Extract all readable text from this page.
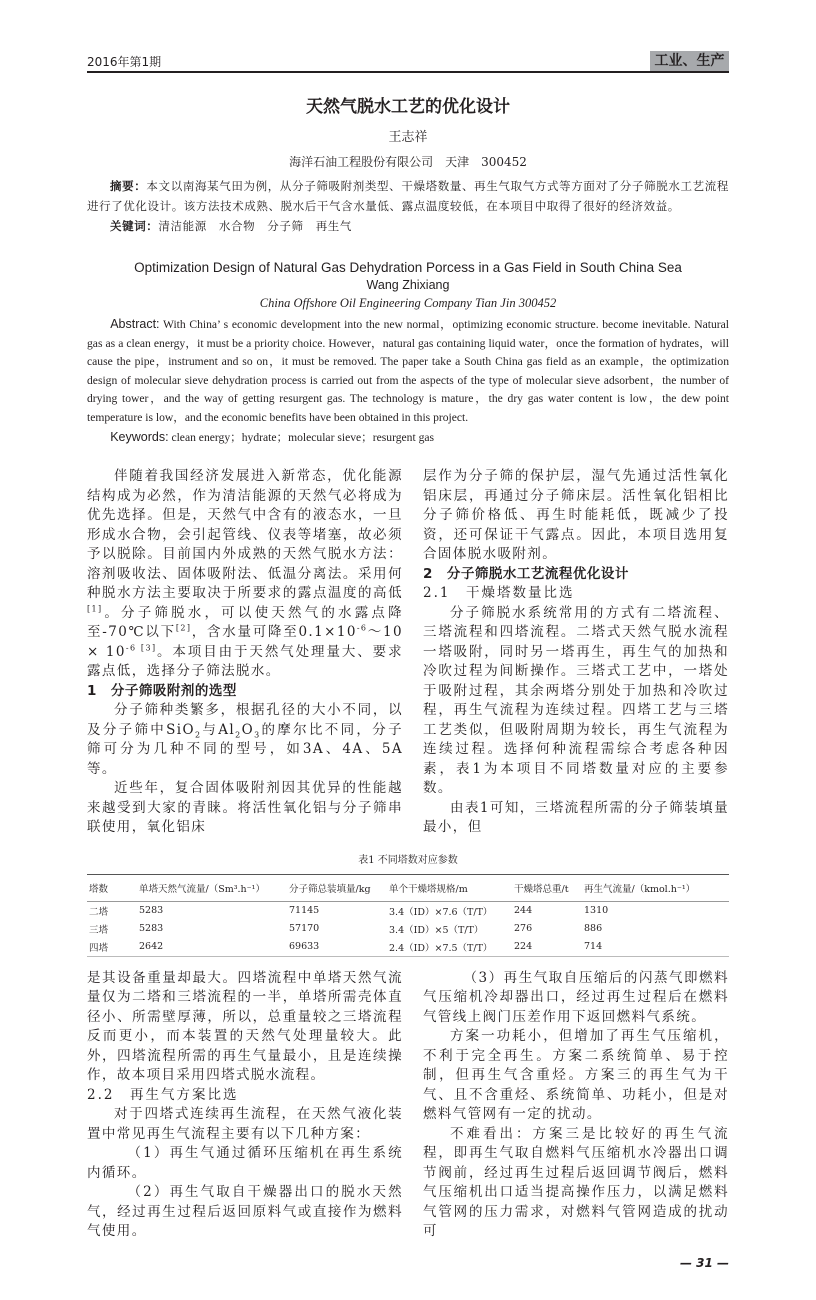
2016年第1期	工业、生产
天然气脱水工艺的优化设计
王志祥
海洋石油工程股份有限公司　天津　300452
摘要：本文以南海某气田为例，从分子筛吸附剂类型、干燥塔数量、再生气取气方式等方面对了分子筛脱水工艺流程进行了优化设计。该方法技术成熟、脱水后干气含水量低、露点温度较低，在本项目中取得了很好的经济效益。
关键词：清洁能源　水合物　分子筛　再生气
Optimization Design of Natural Gas Dehydration Porcess in a Gas Field in South China Sea
Wang Zhixiang
China Offshore Oil Engineering Company Tian Jin 300452
Abstract: With China’ s economic development into the new normal，optimizing economic structure. become inevitable. Natural gas as a clean energy，it must be a priority choice. However，natural gas containing liquid water，once the formation of hydrates，will cause the pipe，instrument and so on，it must be removed. The paper take a South China gas field as an example，the optimization design of molecular sieve dehydration process is carried out from the aspects of the type of molecular sieve adsorbent，the number of drying tower，and the way of getting resurgent gas. The technology is mature，the dry gas water content is low，the dew point temperature is low，and the economic benefits have been obtained in this project.
Keywords: clean energy；hydrate；molecular sieve；resurgent gas

伴随着我国经济发展进入新常态，优化能源结构成为必然，作为清洁能源的天然气必将成为优先选择。但是，天然气中含有的液态水，一旦形成水合物，会引起管线、仪表等堵塞，故必须予以脱除。目前国内外成熟的天然气脱水方法：溶剂吸收法、固体吸附法、低温分离法。采用何种脱水方法主要取决于所要求的露点温度的高低[1]。分子筛脱水，可以使天然气的水露点降至-70℃以下[2]，含水量可降至$0.1\times 10^{-6}\sim 10 \times 10^{-6 [3]}$。本项目由于天然气处理量大、要求露点低，选择分子筛法脱水。

1　分子筛吸附剂的选型

分子筛种类繁多，根据孔径的大小不同，以及分子筛中SiO$_2$与$Al_2O_3$的摩尔比不同，分子筛可分为几种不同的型号，如3A、4A、5A等。

近些年，复合固体吸附剂因其优异的性能越来越受到大家的青睐。将活性氧化铝与分子筛串联使用，氧化铝床

层作为分子筛的保护层，湿气先通过活性氧化铝床层，再通过分子筛床层。活性氧化铝相比分子筛价格低、再生时能耗低，既减少了投资，还可保证干气露点。因此，本项目选用复合固体脱水吸附剂。

2　分子筛脱水工艺流程优化设计
2.1　干燥塔数量比选

分子筛脱水系统常用的方式有二塔流程、三塔流程和四塔流程。二塔式天然气脱水流程一塔吸附，同时另一塔再生，再生气的加热和冷吹过程为间断操作。三塔式工艺中，一塔处于吸附过程，其余两塔分别处于加热和冷吹过程，再生气流程为连续过程。四塔工艺与三塔工艺类似，但吸附周期为较长，再生气流程为连续过程。选择何种流程需综合考虑各种因素，表1为本项目不同塔数量对应的主要参数。

由表1可知，三塔流程所需的分子筛装填量最小，但

表1 不同塔数对应参数
塔数	单塔天然气流量/（Sm³.h⁻¹）	分子筛总装填量/kg	单个干燥塔规格/m	干燥塔总重/t	再生气流量/（kmol.h⁻¹）
二塔	5283	71145	3.4（ID）×7.6（T/T）	244	1310
三塔	5283	57170	3.4（ID）×5（T/T）	276	886
四塔	2642	69633	2.4（ID）×7.5（T/T）	224	714

是其设备重量却最大。四塔流程中单塔天然气流量仅为二塔和三塔流程的一半，单塔所需壳体直径小、所需壁厚薄，所以，总重量较之三塔流程反而更小，而本装置的天然气处理量较大。此外，四塔流程所需的再生气量最小，且是连续操作，故本项目采用四塔式脱水流程。

2.2　再生气方案比选

对于四塔式连续再生流程，在天然气液化装置中常见再生气流程主要有以下几种方案：

（1）再生气通过循环压缩机在再生系统内循环。

（2）再生气取自干燥器出口的脱水天然气，经过再生过程后返回原料气或直接作为燃料气使用。

（3）再生气取自压缩后的闪蒸气即燃料气压缩机冷却器出口，经过再生过程后在燃料气管线上阀门压差作用下返回燃料气系统。

方案一功耗小，但增加了再生气压缩机，不利于完全再生。方案二系统简单、易于控制，但再生气含重烃。方案三的再生气为干气、且不含重烃、系统简单、功耗小，但是对燃料气管网有一定的扰动。

不难看出：方案三是比较好的再生气流程，即再生气取自燃料气压缩机水冷器出口调节阀前，经过再生过程后返回调节阀后，燃料气压缩机出口适当提高操作压力，以满足燃料气管网的压力需求，对燃料气管网造成的扰动可

— 31 —
